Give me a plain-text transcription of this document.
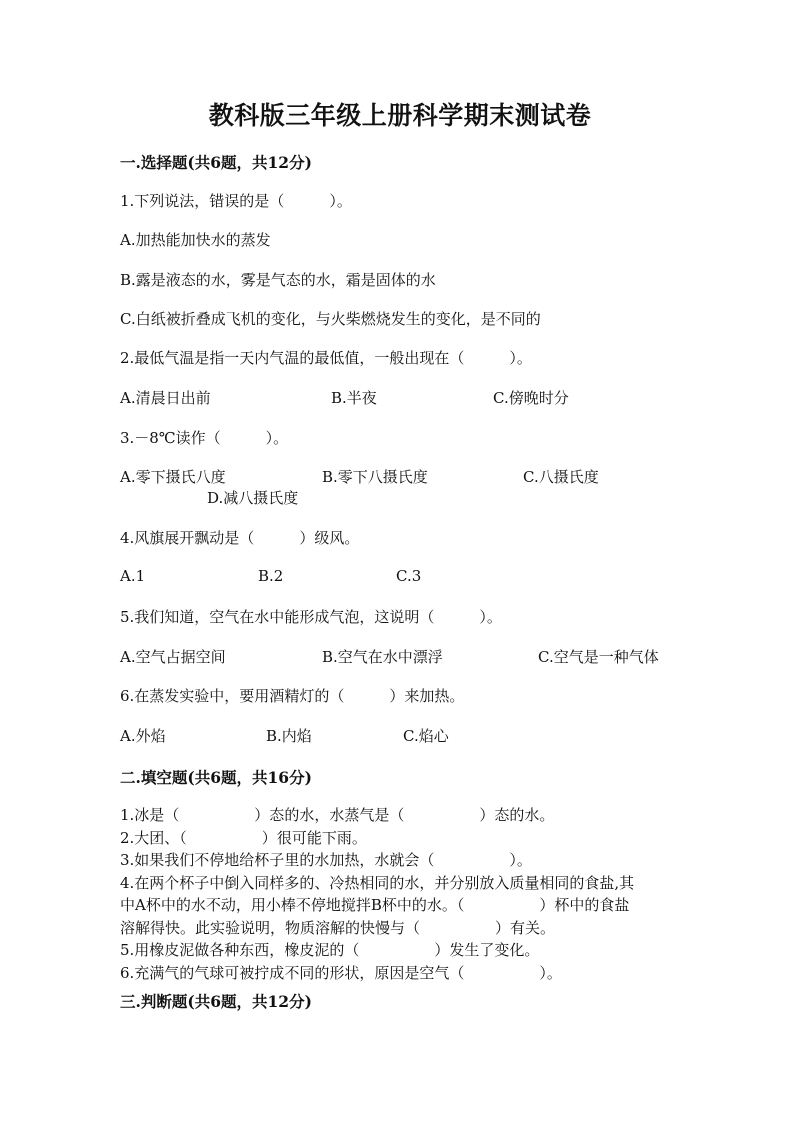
教科版三年级上册科学期末测试卷
一.选择题(共6题，共12分)
1.下列说法，错误的是（　　　）。
A.加热能加快水的蒸发
B.露是液态的水，雾是气态的水，霜是固体的水
C.白纸被折叠成飞机的变化，与火柴燃烧发生的变化，是不同的
2.最低气温是指一天内气温的最低值，一般出现在（　　　）。
A.清晨日出前	B.半夜	C.傍晚时分
3.－8℃读作（　　　）。
A.零下摄氏八度	B.零下八摄氏度	C.八摄氏度
D.减八摄氏度
4.风旗展开飘动是（　　　）级风。
A.1	B.2	C.3
5.我们知道，空气在水中能形成气泡，这说明（　　　）。
A.空气占据空间	B.空气在水中漂浮	C.空气是一种气体
6.在蒸发实验中，要用酒精灯的（　　　）来加热。
A.外焰	B.内焰	C.焰心
二.填空题(共6题，共16分)
1.冰是（　　　　　）态的水，水蒸气是（　　　　　）态的水。
2.大团、（　　　　　）很可能下雨。
3.如果我们不停地给杯子里的水加热，水就会（　　　　　）。
4.在两个杯子中倒入同样多的、冷热相同的水，并分别放入质量相同的食盐,其
中A杯中的水不动，用小棒不停地搅拌B杯中的水。（　　　　　）杯中的食盐
溶解得快。此实验说明，物质溶解的快慢与（　　　　　）有关。
5.用橡皮泥做各种东西，橡皮泥的（　　　　　）发生了变化。
6.充满气的气球可被拧成不同的形状，原因是空气（　　　　　）。
三.判断题(共6题，共12分)
